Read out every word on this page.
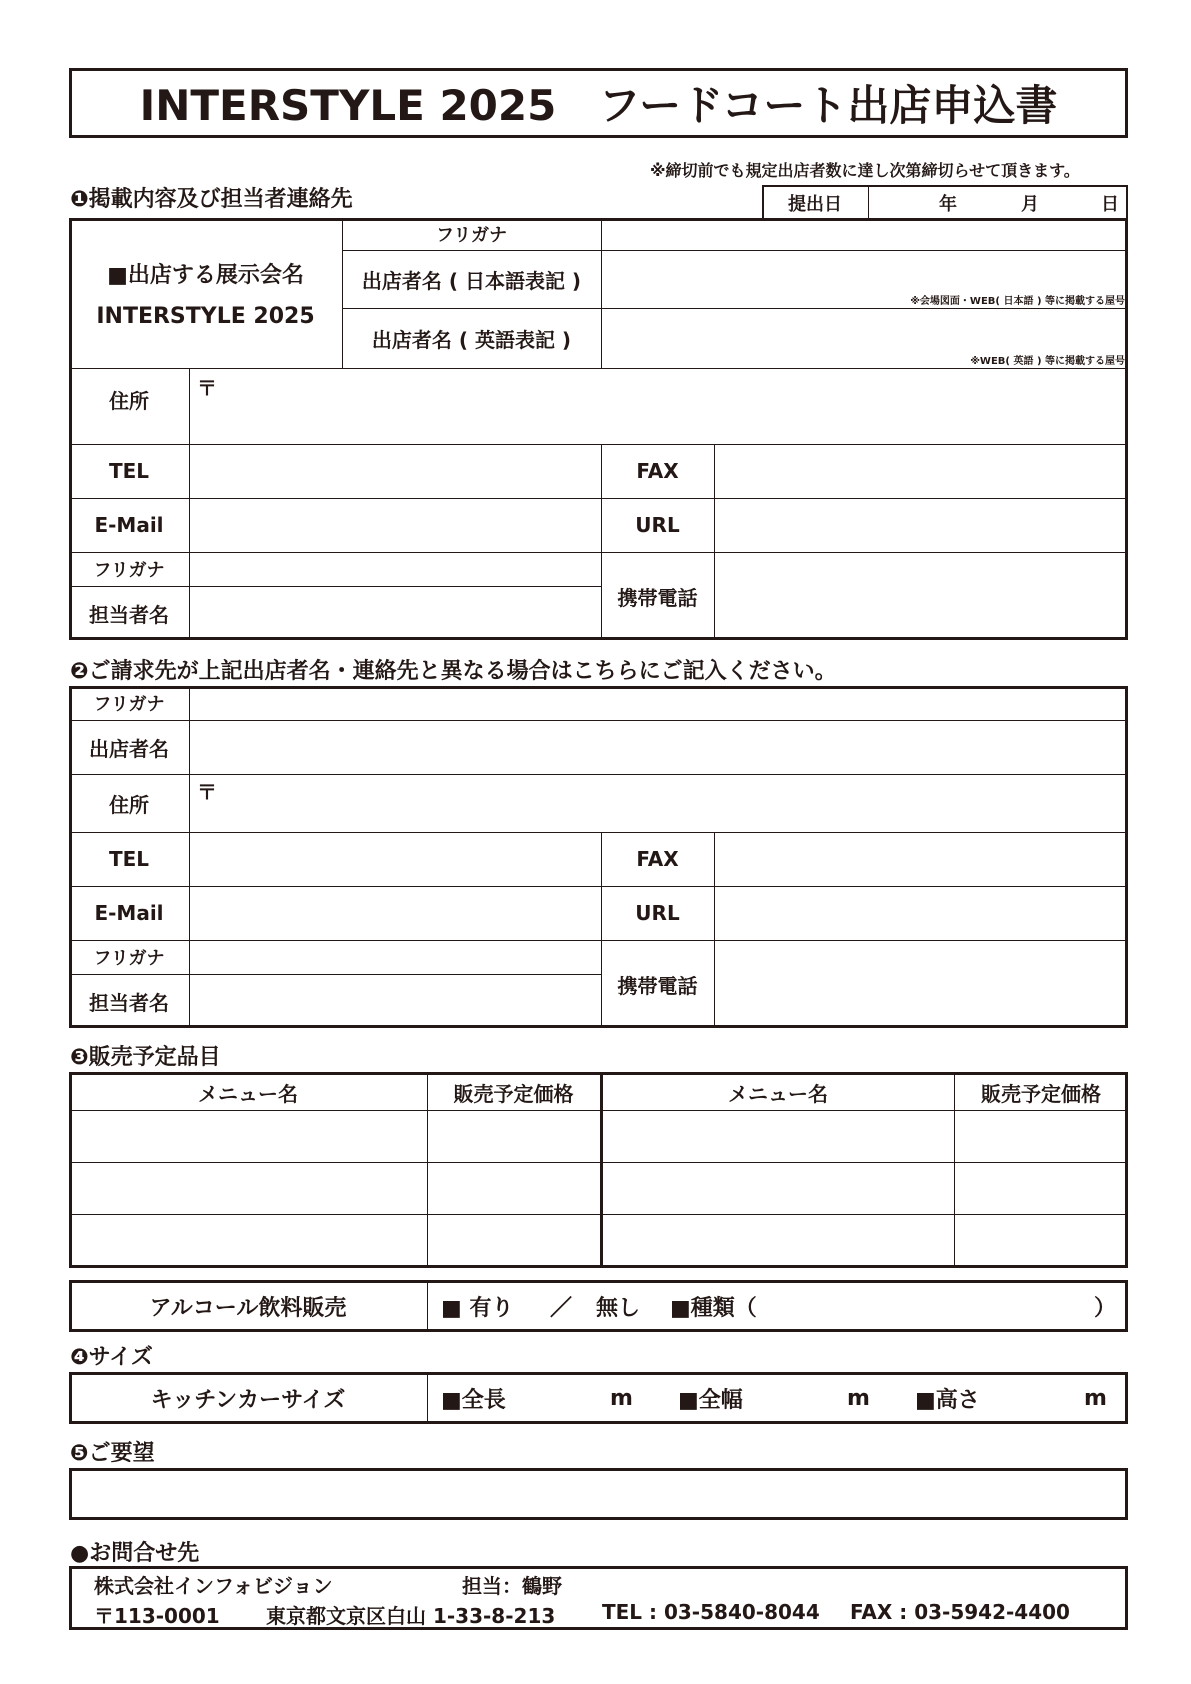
INTERSTYLE 2025　フードコート出店申込書
※締切前でも規定出店者数に達し次第締切らせて頂きます。
❶掲載内容及び担当者連絡先	提出日	年	月	日
■出店する展示会名
INTERSTYLE 2025
フリガナ
出店者名 ( 日本語表記 )
※会場図面・WEB( 日本語 ) 等に掲載する屋号
出店者名 ( 英語表記 )
※WEB( 英語 ) 等に掲載する屋号
住所
〒
TEL	FAX
E-Mail	URL
フリガナ
担当者名
携帯電話
❷ご請求先が上記出店者名・連絡先と異なる場合はこちらにご記入ください。
フリガナ
出店者名
住所
〒
TEL	FAX
E-Mail	URL
フリガナ
担当者名
携帯電話
❸販売予定品目
メニュー名	販売予定価格	メニュー名	販売予定価格
アルコール飲料販売	■ 有り ／ 無し ■種類（	）
❹サイズ
キッチンカーサイズ	■全長	m ■全幅	m ■高さ	m
❺ご要望
●お問合せ先
株式会社インフォビジョン	担当：鶴野
〒113-0001 東京都文京区白山 1-33-8-213 TEL : 03-5840-8044 FAX : 03-5942-4400
